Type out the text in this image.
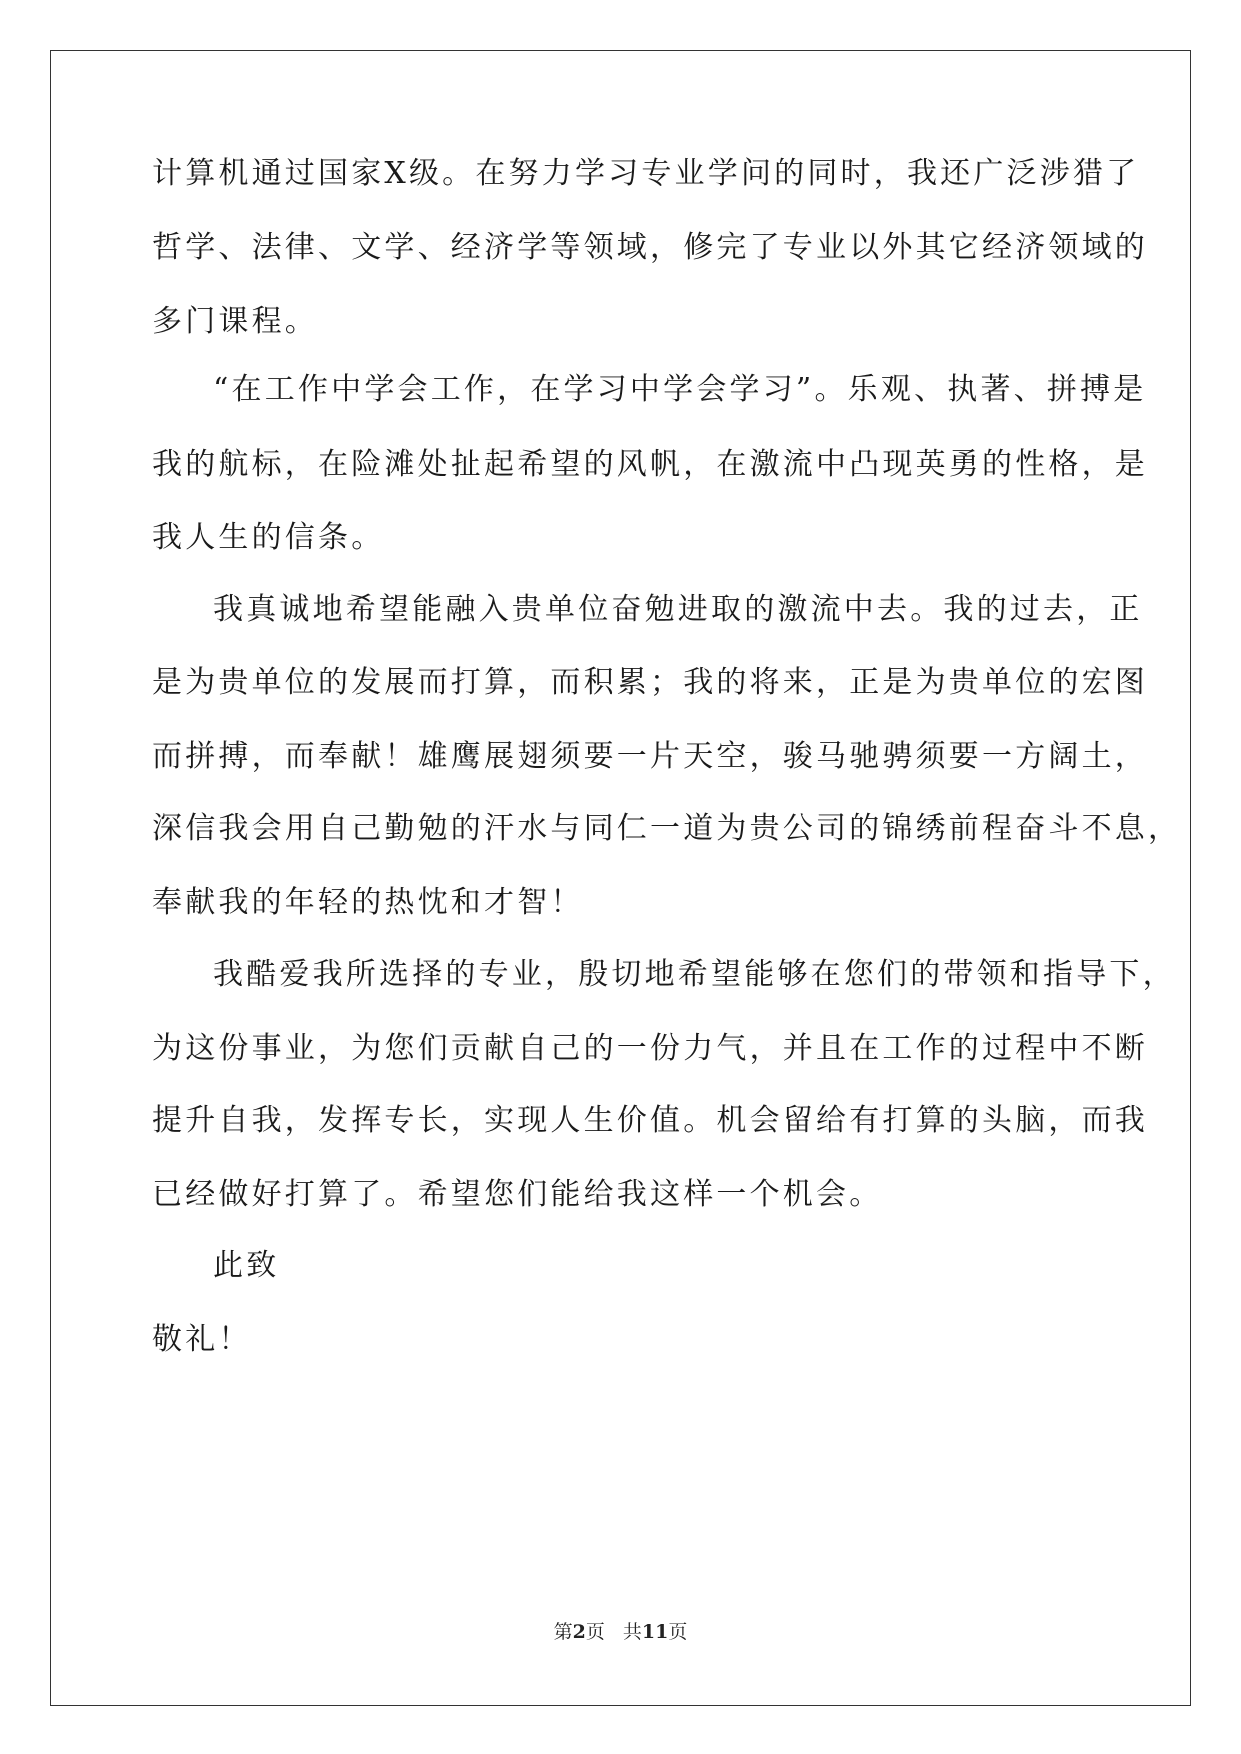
计算机通过国家X级。在努力学习专业学问的同时，我还广泛涉猎了
哲学、法律、文学、经济学等领域，修完了专业以外其它经济领域的
多门课程。
“在工作中学会工作，在学习中学会学习”。乐观、执著、拼搏是
我的航标，在险滩处扯起希望的风帆，在激流中凸现英勇的性格，是
我人生的信条。
我真诚地希望能融入贵单位奋勉进取的激流中去。我的过去，正
是为贵单位的发展而打算，而积累；我的将来，正是为贵单位的宏图
而拼搏，而奉献！雄鹰展翅须要一片天空，骏马驰骋须要一方阔土，
深信我会用自己勤勉的汗水与同仁一道为贵公司的锦绣前程奋斗不息，
奉献我的年轻的热忱和才智！
我酷爱我所选择的专业，殷切地希望能够在您们的带领和指导下，
为这份事业，为您们贡献自己的一份力气，并且在工作的过程中不断
提升自我，发挥专长，实现人生价值。机会留给有打算的头脑，而我
已经做好打算了。希望您们能给我这样一个机会。
此致
敬礼！
第2页 共11页
